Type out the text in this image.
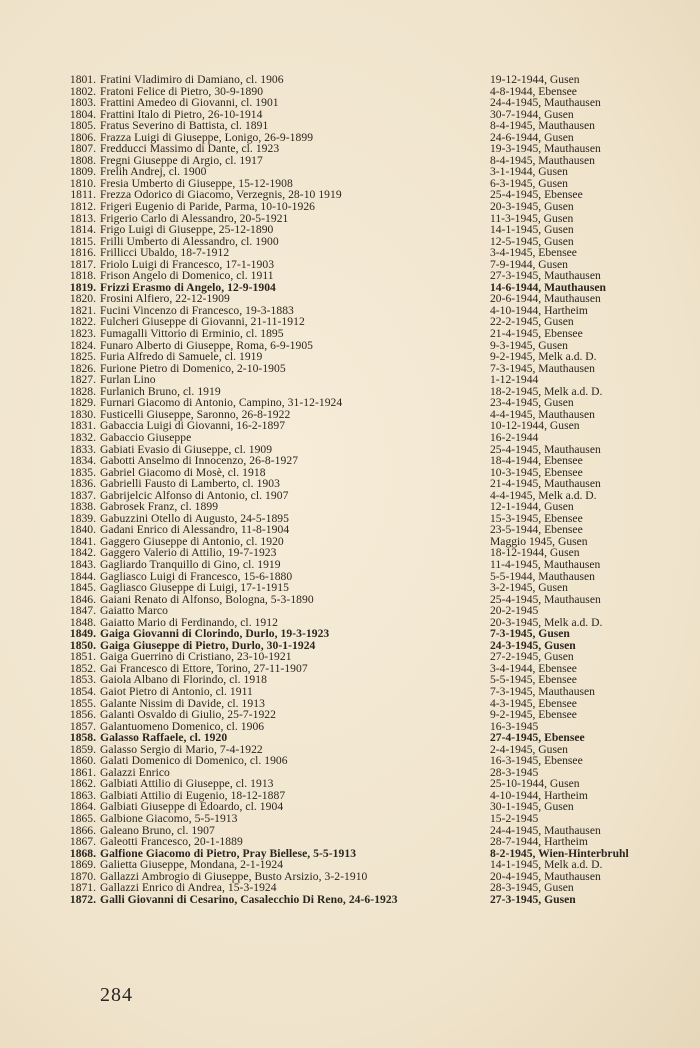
1801. Fratini Vladimiro di Damiano, cl. 1906	19-12-1944, Gusen
1802. Fratoni Felice di Pietro, 30-9-1890	4-8-1944, Ebensee
1803. Frattini Amedeo di Giovanni, cl. 1901	24-4-1945, Mauthausen
1804. Frattini Italo di Pietro, 26-10-1914	30-7-1944, Gusen
1805. Fratus Severino di Battista, cl. 1891	8-4-1945, Mauthausen
1806. Frazza Luigi di Giuseppe, Lonigo, 26-9-1899	24-6-1944, Gusen
1807. Fredducci Massimo di Dante, cl. 1923	19-3-1945, Mauthausen
1808. Fregni Giuseppe di Argio, cl. 1917	8-4-1945, Mauthausen
1809. Frelih Andrej, cl. 1900	3-1-1944, Gusen
1810. Fresia Umberto di Giuseppe, 15-12-1908	6-3-1945, Gusen
1811. Frezza Odorico di Giacomo, Verzegnis, 28-10 1919	25-4-1945, Ebensee
1812. Frigeri Eugenio di Paride, Parma, 10-10-1926	20-3-1945, Gusen
1813. Frigerio Carlo di Alessandro, 20-5-1921	11-3-1945, Gusen
1814. Frigo Luigi di Giuseppe, 25-12-1890	14-1-1945, Gusen
1815. Frilli Umberto di Alessandro, cl. 1900	12-5-1945, Gusen
1816. Frillicci Ubaldo, 18-7-1912	3-4-1945, Ebensee
1817. Friolo Luigi di Francesco, 17-1-1903	7-9-1944, Gusen
1818. Frison Angelo di Domenico, cl. 1911	27-3-1945, Mauthausen
1819. Frizzi Erasmo di Angelo, 12-9-1904	14-6-1944, Mauthausen
1820. Frosini Alfiero, 22-12-1909	20-6-1944, Mauthausen
1821. Fucini Vincenzo di Francesco, 19-3-1883	4-10-1944, Hartheim
1822. Fulcheri Giuseppe di Giovanni, 21-11-1912	22-2-1945, Gusen
1823. Fumagalli Vittorio di Erminio, cl. 1895	21-4-1945, Ebensee
1824. Funaro Alberto di Giuseppe, Roma, 6-9-1905	9-3-1945, Gusen
1825. Furia Alfredo di Samuele, cl. 1919	9-2-1945, Melk a.d. D.
1826. Furione Pietro di Domenico, 2-10-1905	7-3-1945, Mauthausen
1827. Furlan Lino	1-12-1944
1828. Furlanich Bruno, cl. 1919	18-2-1945, Melk a.d. D.
1829. Furnari Giacomo di Antonio, Campino, 31-12-1924	23-4-1945, Gusen
1830. Fusticelli Giuseppe, Saronno, 26-8-1922	4-4-1945, Mauthausen
1831. Gabaccia Luigi di Giovanni, 16-2-1897	10-12-1944, Gusen
1832. Gabaccio Giuseppe	16-2-1944
1833. Gabiati Evasio di Giuseppe, cl. 1909	25-4-1945, Mauthausen
1834. Gabotti Anselmo di Innocenzo, 26-8-1927	18-4-1944, Ebensee
1835. Gabriel Giacomo di Mosè, cl. 1918	10-3-1945, Ebensee
1836. Gabrielli Fausto di Lamberto, cl. 1903	21-4-1945, Mauthausen
1837. Gabrijelcic Alfonso di Antonio, cl. 1907	4-4-1945, Melk a.d. D.
1838. Gabrosek Franz, cl. 1899	12-1-1944, Gusen
1839. Gabuzzini Otello di Augusto, 24-5-1895	15-3-1945, Ebensee
1840. Gadani Enrico di Alessandro, 11-8-1904	23-5-1944, Ebensee
1841. Gaggero Giuseppe di Antonio, cl. 1920	Maggio 1945, Gusen
1842. Gaggero Valerio di Attilio, 19-7-1923	18-12-1944, Gusen
1843. Gagliardo Tranquillo di Gino, cl. 1919	11-4-1945, Mauthausen
1844. Gagliasco Luigi di Francesco, 15-6-1880	5-5-1944, Mauthausen
1845. Gagliasco Giuseppe di Luigi, 17-1-1915	3-2-1945, Gusen
1846. Gaiani Renato di Alfonso, Bologna, 5-3-1890	25-4-1945, Mauthausen
1847. Gaiatto Marco	20-2-1945
1848. Gaiatto Mario di Ferdinando, cl. 1912	20-3-1945, Melk a.d. D.
1849. Gaiga Giovanni di Clorindo, Durlo, 19-3-1923	7-3-1945, Gusen
1850. Gaiga Giuseppe di Pietro, Durlo, 30-1-1924	24-3-1945, Gusen
1851. Gaiga Guerrino di Cristiano, 23-10-1921	27-2-1945, Gusen
1852. Gai Francesco di Ettore, Torino, 27-11-1907	3-4-1944, Ebensee
1853. Gaiola Albano di Florindo, cl. 1918	5-5-1945, Ebensee
1854. Gaiot Pietro di Antonio, cl. 1911	7-3-1945, Mauthausen
1855. Galante Nissim di Davide, cl. 1913	4-3-1945, Ebensee
1856. Galanti Osvaldo di Giulio, 25-7-1922	9-2-1945, Ebensee
1857. Galantuomeno Domenico, cl. 1906	16-3-1945
1858. Galasso Raffaele, cl. 1920	27-4-1945, Ebensee
1859. Galasso Sergio di Mario, 7-4-1922	2-4-1945, Gusen
1860. Galati Domenico di Domenico, cl. 1906	16-3-1945, Ebensee
1861. Galazzi Enrico	28-3-1945
1862. Galbiati Attilio di Giuseppe, cl. 1913	25-10-1944, Gusen
1863. Galbiati Attilio di Eugenio, 18-12-1887	4-10-1944, Hartheim
1864. Galbiati Giuseppe di Edoardo, cl. 1904	30-1-1945, Gusen
1865. Galbione Giacomo, 5-5-1913	15-2-1945
1866. Galeano Bruno, cl. 1907	24-4-1945, Mauthausen
1867. Galeotti Francesco, 20-1-1889	28-7-1944, Hartheim
1868. Galfione Giacomo di Pietro, Pray Biellese, 5-5-1913	8-2-1945, Wien-Hinterbruhl
1869. Galietta Giuseppe, Mondana, 2-1-1924	14-1-1945, Melk a.d. D.
1870. Gallazzi Ambrogio di Giuseppe, Busto Arsizio, 3-2-1910	20-4-1945, Mauthausen
1871. Gallazzi Enrico di Andrea, 15-3-1924	28-3-1945, Gusen
1872. Galli Giovanni di Cesarino, Casalecchio Di Reno, 24-6-1923	27-3-1945, Gusen
284
